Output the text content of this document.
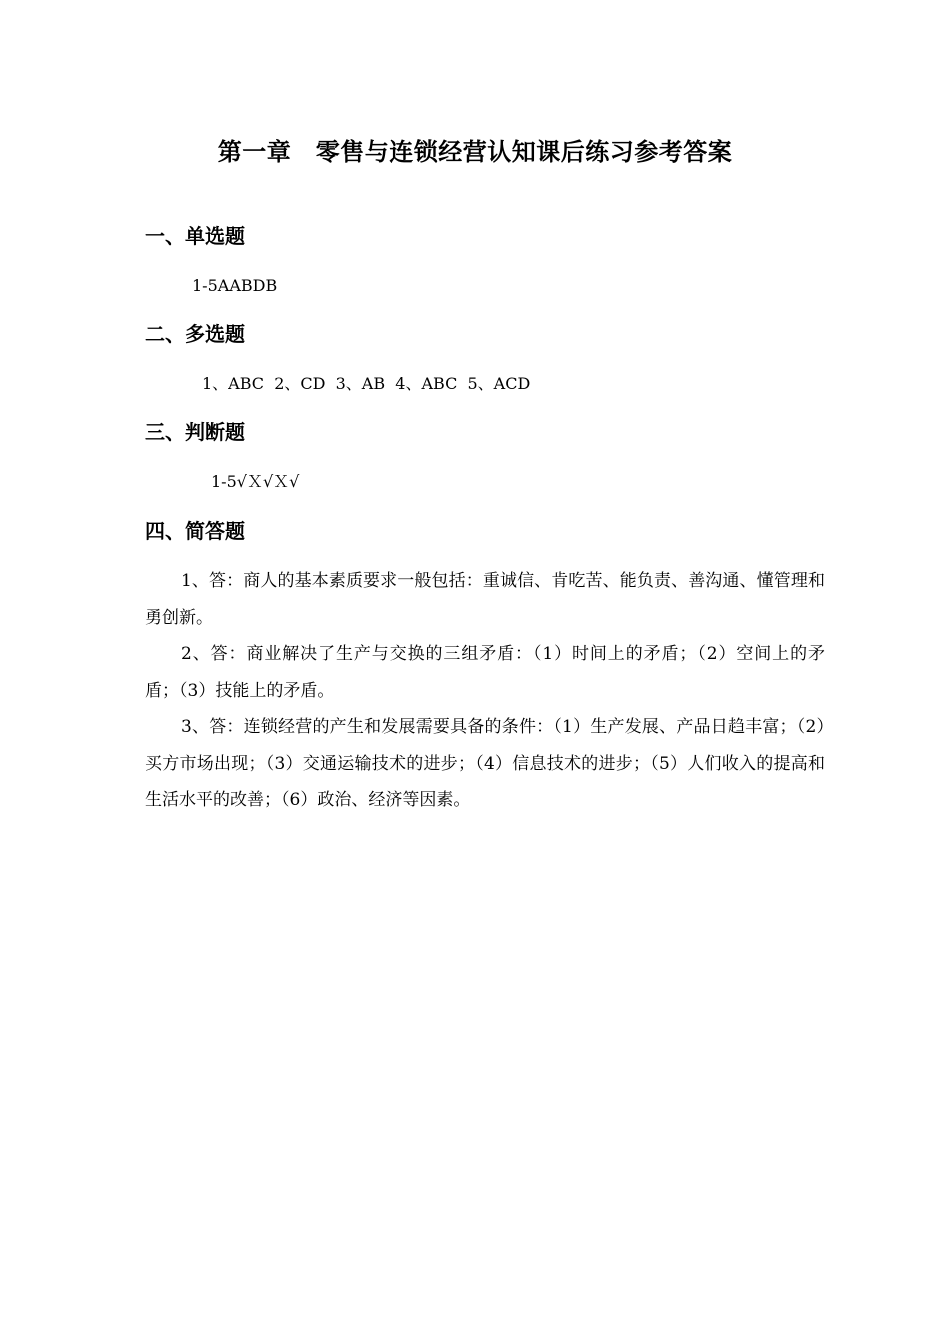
第一章　零售与连锁经营认知课后练习参考答案
一、单选题
1-5AABDB
二、多选题
1、ABC  2、CD  3、AB  4、ABC  5、ACD
三、判断题
1-5√Ｘ√Ｘ√
四、简答题

1、答：商人的基本素质要求一般包括：重诚信、肯吃苦、能负责、善沟通、懂管理和勇创新。

2、答：商业解决了生产与交换的三组矛盾：（1）时间上的矛盾；（2）空间上的矛盾；（3）技能上的矛盾。

3、答：连锁经营的产生和发展需要具备的条件：（1）生产发展、产品日趋丰富；（2）买方市场出现；（3）交通运输技术的进步；（4）信息技术的进步；（5）人们收入的提高和生活水平的改善；（6）政治、经济等因素。
